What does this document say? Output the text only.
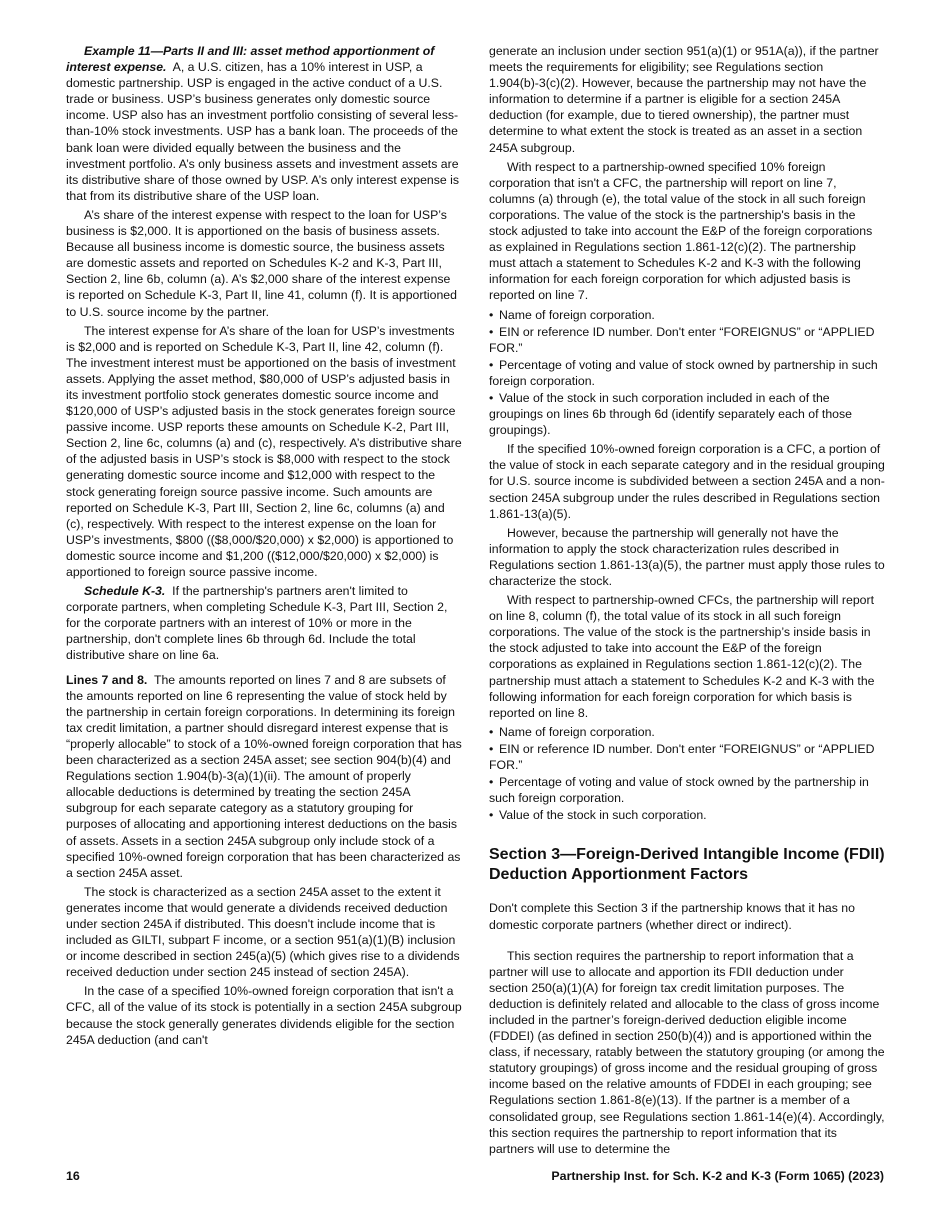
Example 11—Parts II and III: asset method apportionment of interest expense. A, a U.S. citizen, has a 10% interest in USP, a domestic partnership. USP is engaged in the active conduct of a U.S. trade or business. USP’s business generates only domestic source income. USP also has an investment portfolio consisting of several less-than-10% stock investments. USP has a bank loan. The proceeds of the bank loan were divided equally between the business and the investment portfolio. A’s only business assets and investment assets are its distributive share of those owned by USP. A’s only interest expense is that from its distributive share of the USP loan.

A’s share of the interest expense with respect to the loan for USP’s business is $2,000. It is apportioned on the basis of business assets. Because all business income is domestic source, the business assets are domestic assets and reported on Schedules K-2 and K-3, Part III, Section 2, line 6b, column (a). A’s $2,000 share of the interest expense is reported on Schedule K-3, Part II, line 41, column (f). It is apportioned to U.S. source income by the partner.

The interest expense for A’s share of the loan for USP’s investments is $2,000 and is reported on Schedule K-3, Part II, line 42, column (f). The investment interest must be apportioned on the basis of investment assets. Applying the asset method, $80,000 of USP’s adjusted basis in its investment portfolio stock generates domestic source income and $120,000 of USP’s adjusted basis in the stock generates foreign source passive income. USP reports these amounts on Schedule K-2, Part III, Section 2, line 6c, columns (a) and (c), respectively. A’s distributive share of the adjusted basis in USP’s stock is $8,000 with respect to the stock generating domestic source income and $12,000 with respect to the stock generating foreign source passive income. Such amounts are reported on Schedule K-3, Part III, Section 2, line 6c, columns (a) and (c), respectively. With respect to the interest expense on the loan for USP’s investments, $800 (($8,000/$20,000) x $2,000) is apportioned to domestic source income and $1,200 (($12,000/$20,000) x $2,000) is apportioned to foreign source passive income.

Schedule K-3. If the partnership's partners aren't limited to corporate partners, when completing Schedule K-3, Part III, Section 2, for the corporate partners with an interest of 10% or more in the partnership, don't complete lines 6b through 6d. Include the total distributive share on line 6a.

Lines 7 and 8. The amounts reported on lines 7 and 8 are subsets of the amounts reported on line 6 representing the value of stock held by the partnership in certain foreign corporations. In determining its foreign tax credit limitation, a partner should disregard interest expense that is “properly allocable” to stock of a 10%-owned foreign corporation that has been characterized as a section 245A asset; see section 904(b)(4) and Regulations section 1.904(b)-3(a)(1)(ii). The amount of properly allocable deductions is determined by treating the section 245A subgroup for each separate category as a statutory grouping for purposes of allocating and apportioning interest deductions on the basis of assets. Assets in a section 245A subgroup only include stock of a specified 10%-owned foreign corporation that has been characterized as a section 245A asset.

The stock is characterized as a section 245A asset to the extent it generates income that would generate a dividends received deduction under section 245A if distributed. This doesn't include income that is included as GILTI, subpart F income, or a section 951(a)(1)(B) inclusion or income described in section 245(a)(5) (which gives rise to a dividends received deduction under section 245 instead of section 245A).

In the case of a specified 10%-owned foreign corporation that isn't a CFC, all of the value of its stock is potentially in a section 245A subgroup because the stock generally generates dividends eligible for the section 245A deduction (and can't

generate an inclusion under section 951(a)(1) or 951A(a)), if the partner meets the requirements for eligibility; see Regulations section 1.904(b)-3(c)(2). However, because the partnership may not have the information to determine if a partner is eligible for a section 245A deduction (for example, due to tiered ownership), the partner must determine to what extent the stock is treated as an asset in a section 245A subgroup.

With respect to a partnership-owned specified 10% foreign corporation that isn't a CFC, the partnership will report on line 7, columns (a) through (e), the total value of the stock in all such foreign corporations. The value of the stock is the partnership's basis in the stock adjusted to take into account the E&P of the foreign corporations as explained in Regulations section 1.861-12(c)(2). The partnership must attach a statement to Schedules K-2 and K-3 with the following information for each foreign corporation for which adjusted basis is reported on line 7.

• Name of foreign corporation.
• EIN or reference ID number. Don't enter “FOREIGNUS” or “APPLIED FOR.”
• Percentage of voting and value of stock owned by partnership in such foreign corporation.
• Value of the stock in such corporation included in each of the groupings on lines 6b through 6d (identify separately each of those groupings).

If the specified 10%-owned foreign corporation is a CFC, a portion of the value of stock in each separate category and in the residual grouping for U.S. source income is subdivided between a section 245A and a non-section 245A subgroup under the rules described in Regulations section 1.861-13(a)(5).

However, because the partnership will generally not have the information to apply the stock characterization rules described in Regulations section 1.861-13(a)(5), the partner must apply those rules to characterize the stock.

With respect to partnership-owned CFCs, the partnership will report on line 8, column (f), the total value of its stock in all such foreign corporations. The value of the stock is the partnership’s inside basis in the stock adjusted to take into account the E&P of the foreign corporations as explained in Regulations section 1.861-12(c)(2). The partnership must attach a statement to Schedules K-2 and K-3 with the following information for each foreign corporation for which basis is reported on line 8.

• Name of foreign corporation.
• EIN or reference ID number. Don't enter “FOREIGNUS” or “APPLIED FOR.”
• Percentage of voting and value of stock owned by the partnership in such foreign corporation.
• Value of the stock in such corporation.
Section 3—Foreign-Derived Intangible Income (FDII) Deduction Apportionment Factors

Don't complete this Section 3 if the partnership knows that it has no domestic corporate partners (whether direct or indirect).

This section requires the partnership to report information that a partner will use to allocate and apportion its FDII deduction under section 250(a)(1)(A) for foreign tax credit limitation purposes. The deduction is definitely related and allocable to the class of gross income included in the partner’s foreign-derived deduction eligible income (FDDEI) (as defined in section 250(b)(4)) and is apportioned within the class, if necessary, ratably between the statutory grouping (or among the statutory groupings) of gross income and the residual grouping of gross income based on the relative amounts of FDDEI in each grouping; see Regulations section 1.861-8(e)(13). If the partner is a member of a consolidated group, see Regulations section 1.861-14(e)(4). Accordingly, this section requires the partnership to report information that its partners will use to determine the

16	Partnership Inst. for Sch. K-2 and K-3 (Form 1065) (2023)
